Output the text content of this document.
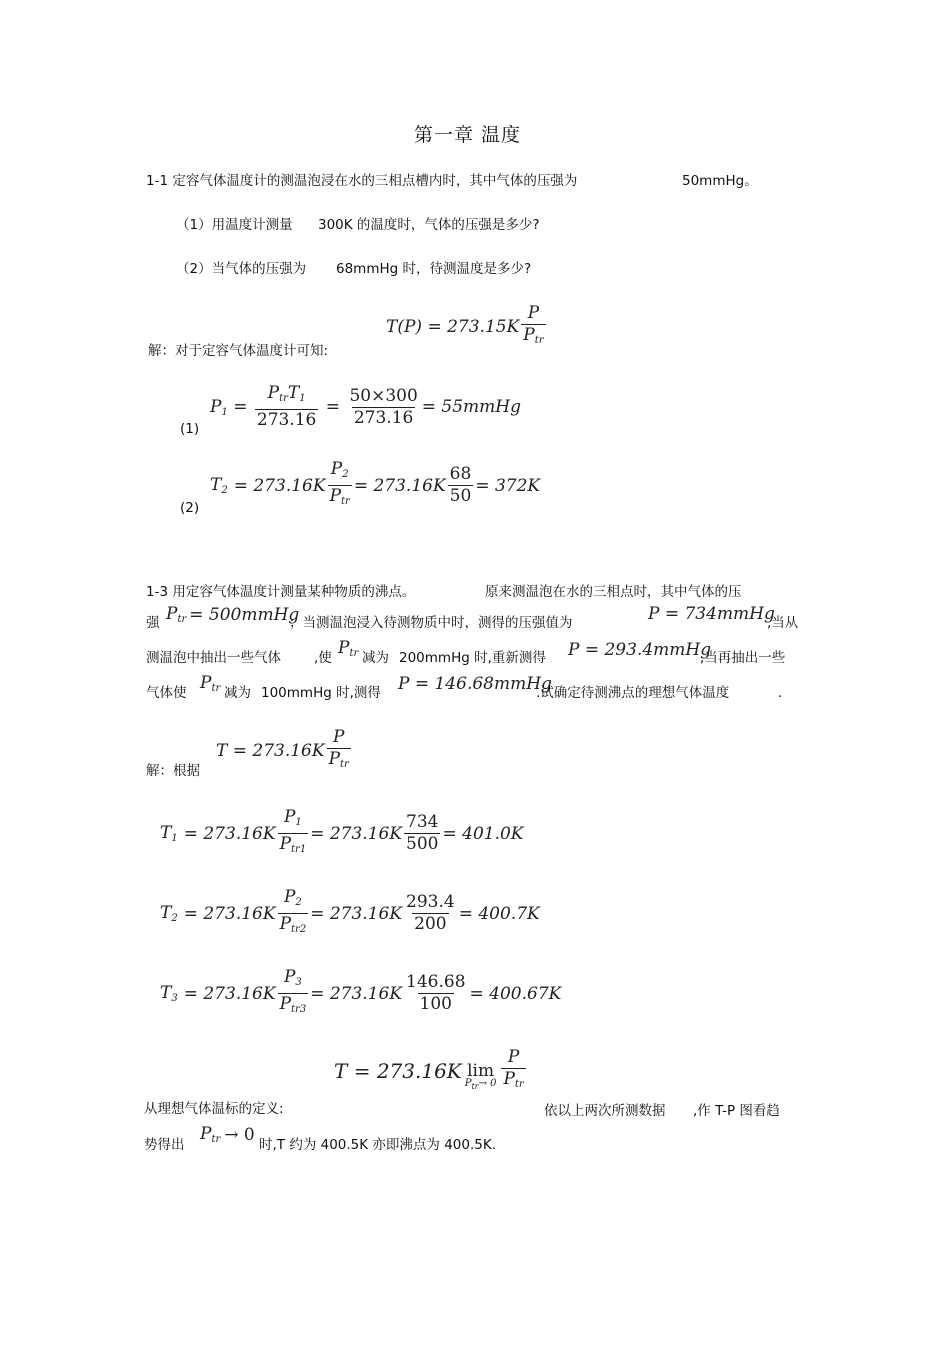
第一章 温度
1-1 定容气体温度计的测温泡浸在水的三相点槽内时，其中气体的压强为	50mmHg。
（1）用温度计测量 300K 的温度时，气体的压强是多少?
（2）当气体的压强为 68mmHg 时，待测温度是多少?
$T(P) = 273.15K \frac{P}{P_{tr}}$
解：对于定容气体温度计可知:
$P_1 = \frac{P_{tr}T_1}{273.16} = \frac{50\times 300}{273.16}$ = 55mmHg
(1)
$T_2 = 273.16K \frac{P_2}{P_{tr}} = 273.16K \frac{68}{50} = 372K$
(2)
1-3 用定容气体温度计测量某种物质的沸点。	原来测温泡在水的三相点时，其中气体的压
强 $P_{tr}$ = 500mmHg
；当测温泡浸入待测物质中时，测得的压强值为	P = 734mmHg
,当从
测温泡中抽出一些气体 ,使 $P_{tr}$ 减为 200mmHg 时,重新测得 P = 293.4mmHg
,当再抽出一些
气体使 $P_{tr}$ 减为 100mmHg 时,测得 P = 146.68mmHg
.试确定待测沸点的理想气体温度	.
$T = 273.16K \frac{P}{P_{tr}}$
解：根据
$T_1 = 273.16K \frac{P_1}{P_{tr1}} = 273.16K \frac{734}{500} = 401.0K$
$T_2 = 273.16K \frac{P_2}{P_{tr2}} = 273.16K \frac{293.4}{200} = 400.7K$
$T_3 = 273.16K \frac{P_3}{P_{tr3}} = 273.16K \frac{146.68}{100} = 400.67K$
T = 273.16K lim
$P_{tr}\to 0 \frac{P}{P_{tr}}$
从理想气体温标的定义:	依以上两次所测数据 ,作 T-P 图看趋
势得出
$P_{tr} \to 0$
时,T 约为 400.5K 亦即沸点为 400.5K.
